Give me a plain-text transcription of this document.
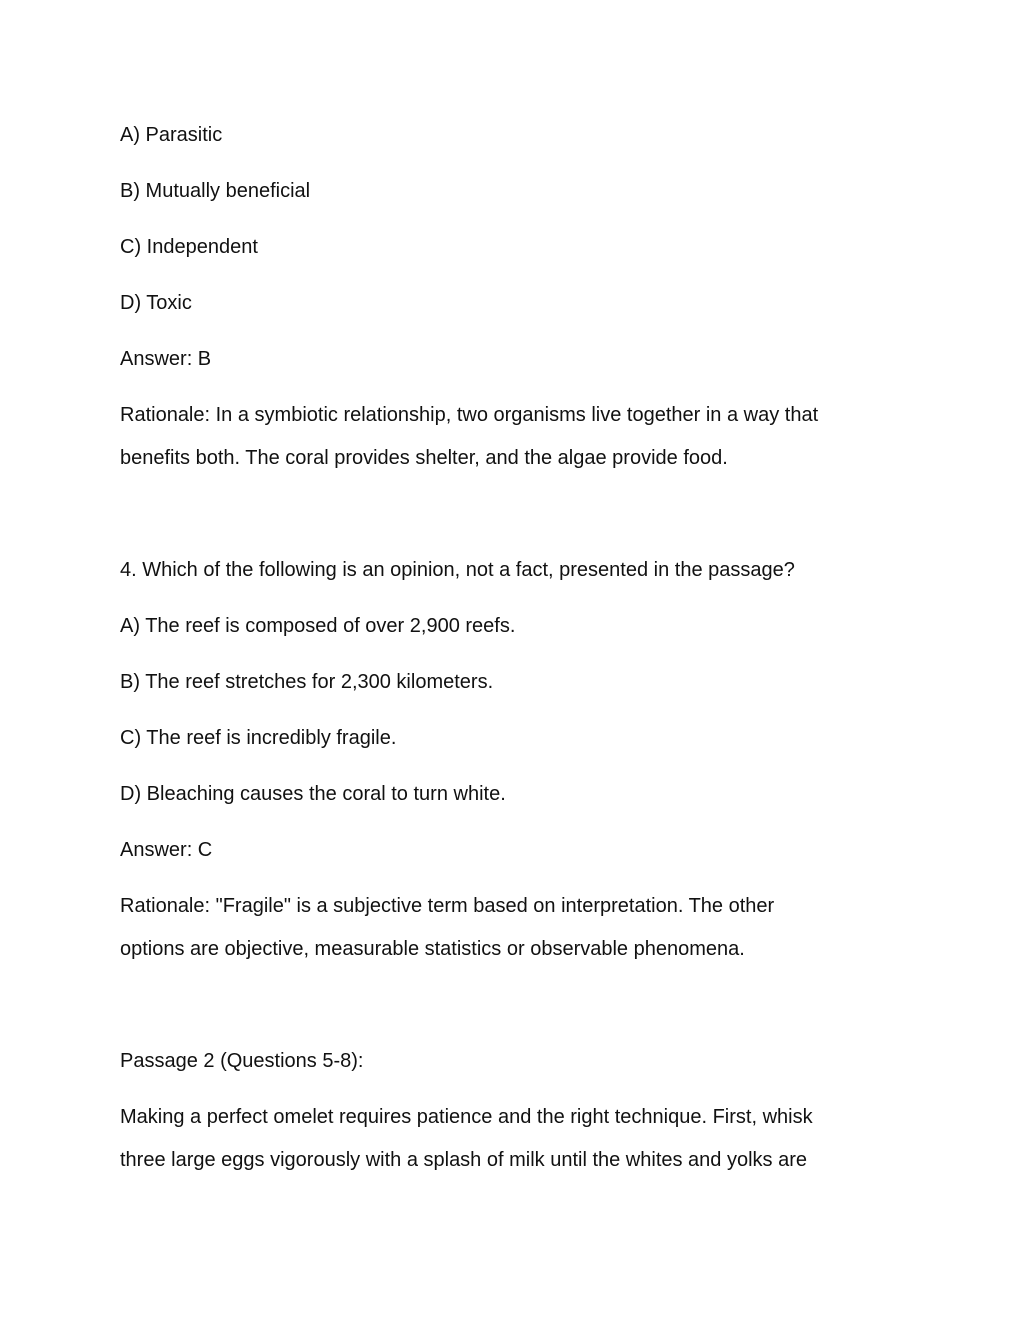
A) Parasitic

B) Mutually beneficial

C) Independent

D) Toxic

Answer: B

Rationale: In a symbiotic relationship, two organisms live together in a way that

benefits both. The coral provides shelter, and the algae provide food.

4. Which of the following is an opinion, not a fact, presented in the passage?

A) The reef is composed of over 2,900 reefs.

B) The reef stretches for 2,300 kilometers.

C) The reef is incredibly fragile.

D) Bleaching causes the coral to turn white.

Answer: C

Rationale: "Fragile" is a subjective term based on interpretation. The other

options are objective, measurable statistics or observable phenomena.

Passage 2 (Questions 5-8):

Making a perfect omelet requires patience and the right technique. First, whisk

three large eggs vigorously with a splash of milk until the whites and yolks are
